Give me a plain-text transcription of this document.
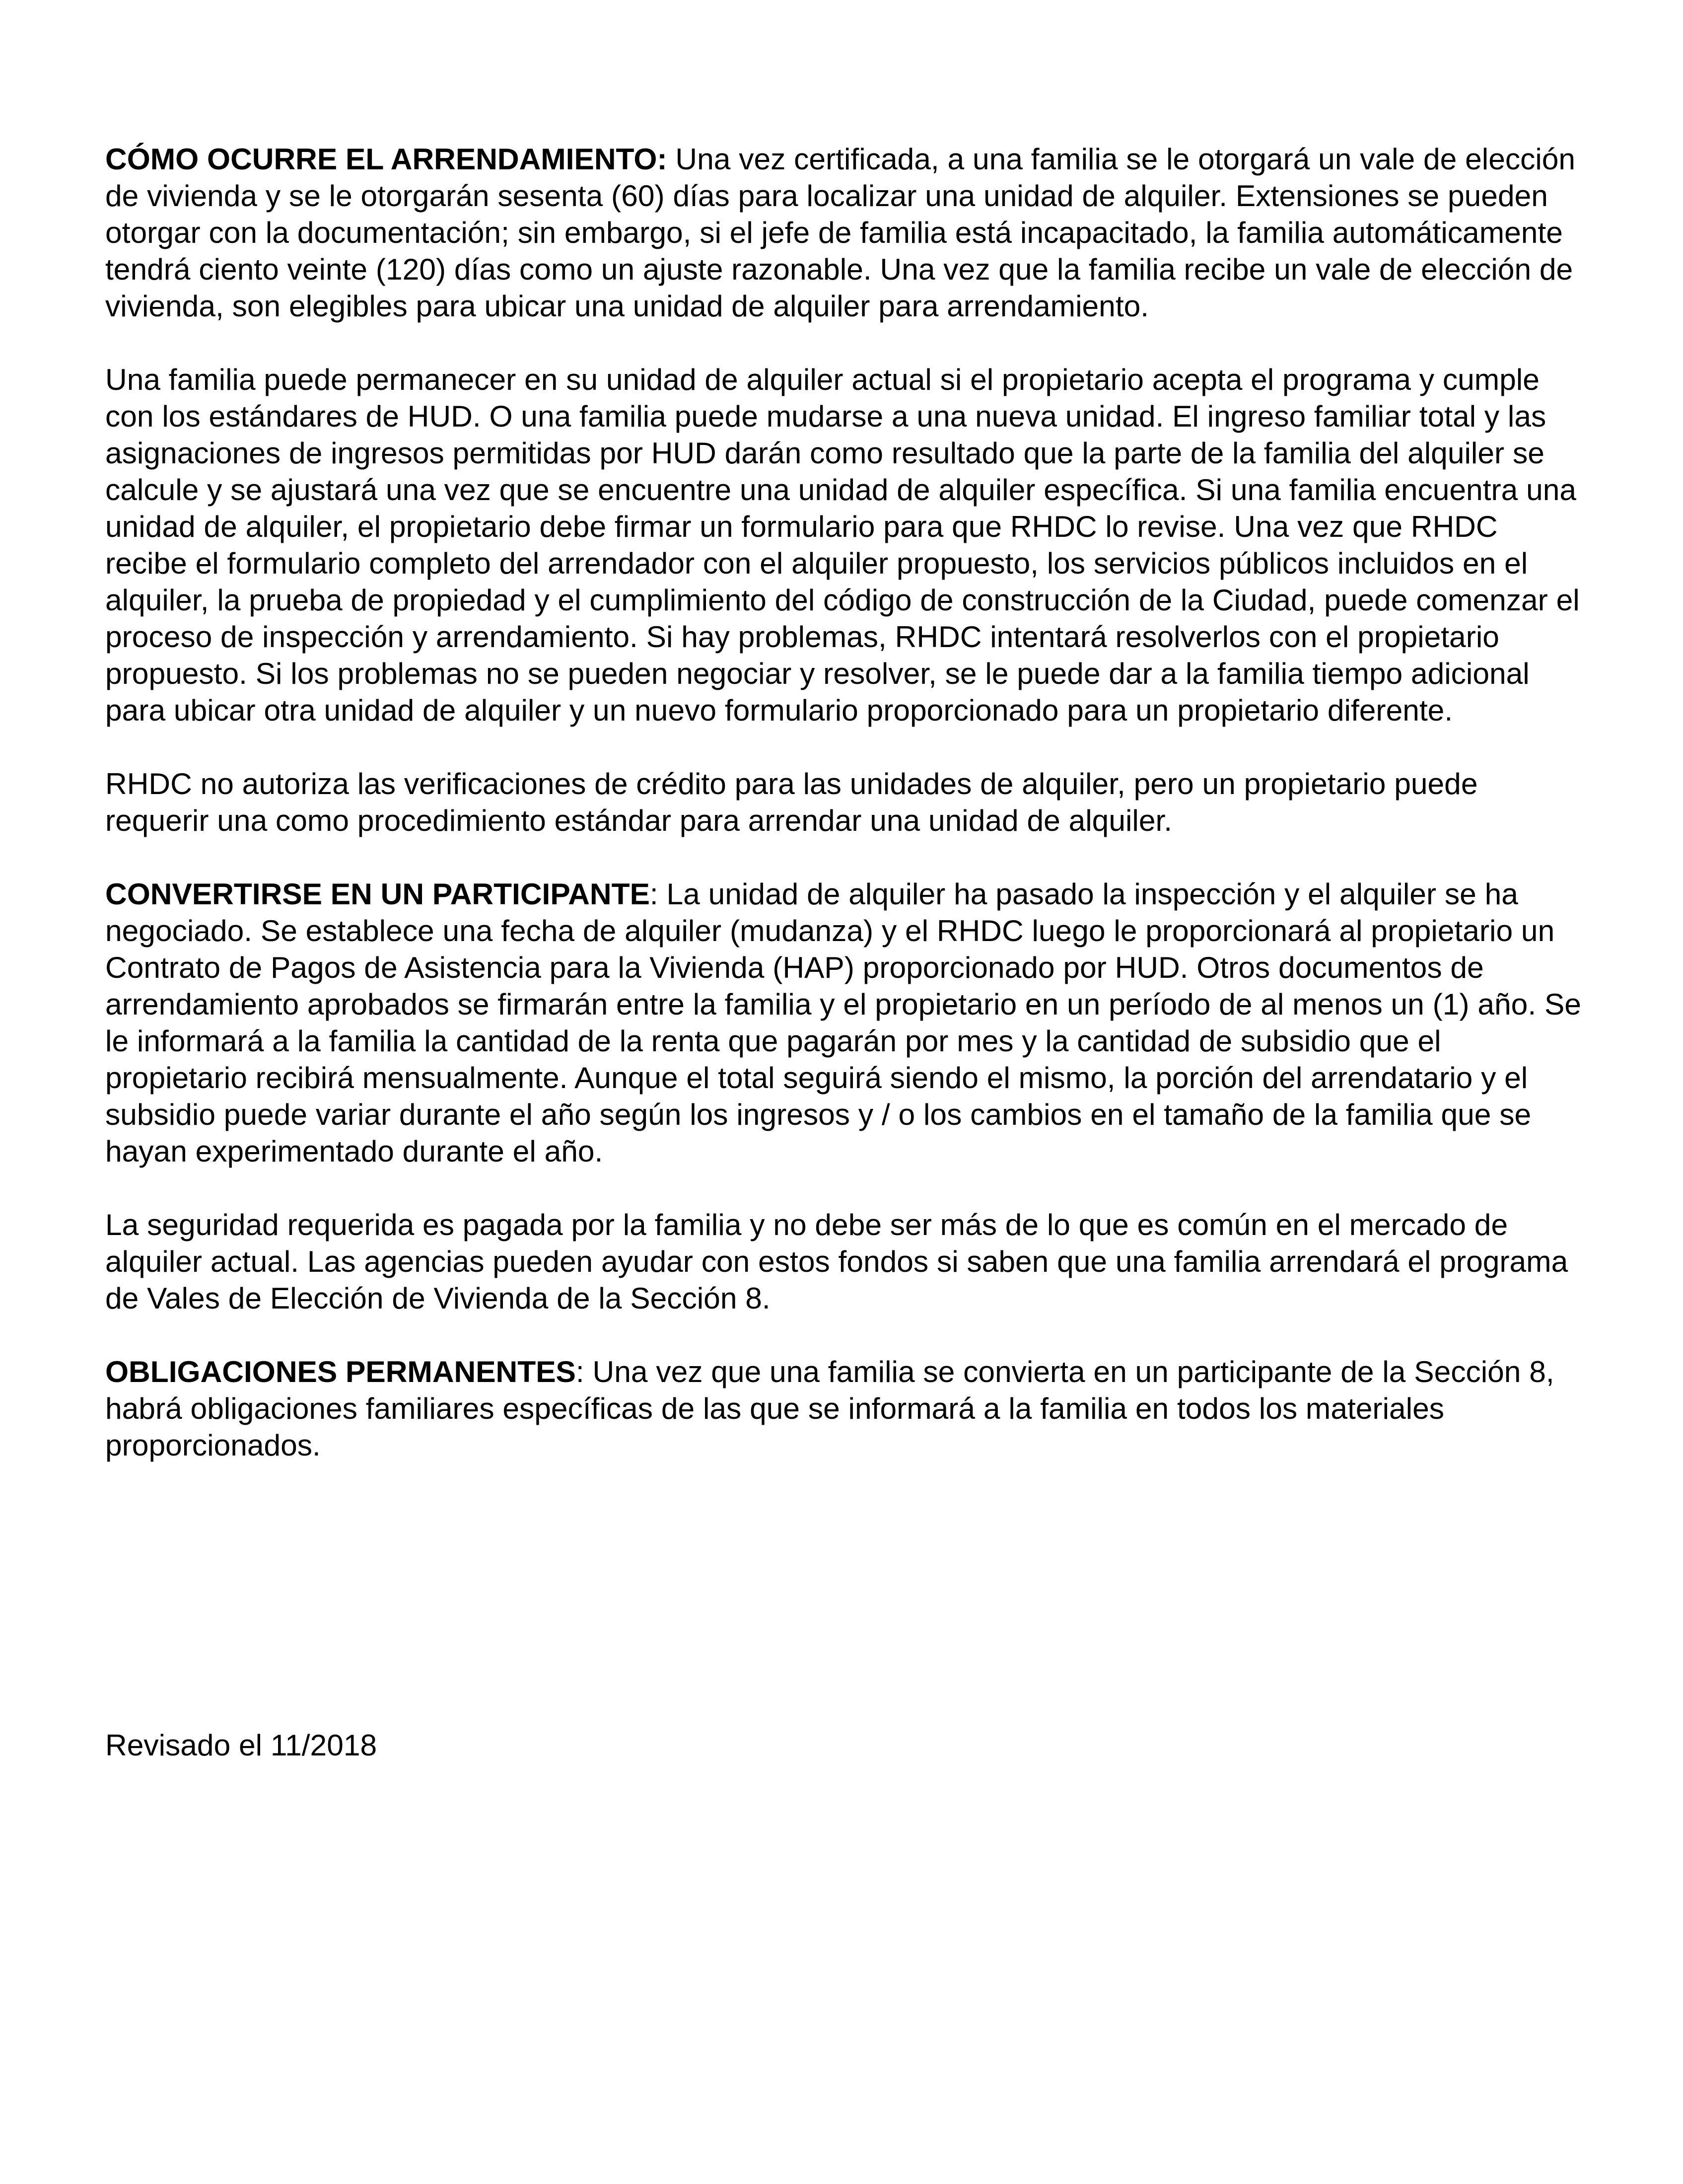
CÓMO OCURRE EL ARRENDAMIENTO: Una vez certificada, a una familia se le otorgará un vale de elección de vivienda y se le otorgarán sesenta (60) días para localizar una unidad de alquiler. Extensiones se pueden otorgar con la documentación; sin embargo, si el jefe de familia está incapacitado, la familia automáticamente tendrá ciento veinte (120) días como un ajuste razonable. Una vez que la familia recibe un vale de elección de vivienda, son elegibles para ubicar una unidad de alquiler para arrendamiento.

Una familia puede permanecer en su unidad de alquiler actual si el propietario acepta el programa y cumple con los estándares de HUD. O una familia puede mudarse a una nueva unidad. El ingreso familiar total y las asignaciones de ingresos permitidas por HUD darán como resultado que la parte de la familia del alquiler se calcule y se ajustará una vez que se encuentre una unidad de alquiler específica. Si una familia encuentra una unidad de alquiler, el propietario debe firmar un formulario para que RHDC lo revise. Una vez que RHDC recibe el formulario completo del arrendador con el alquiler propuesto, los servicios públicos incluidos en el alquiler, la prueba de propiedad y el cumplimiento del código de construcción de la Ciudad, puede comenzar el proceso de inspección y arrendamiento. Si hay problemas, RHDC intentará resolverlos con el propietario propuesto. Si los problemas no se pueden negociar y resolver, se le puede dar a la familia tiempo adicional para ubicar otra unidad de alquiler y un nuevo formulario proporcionado para un propietario diferente.

RHDC no autoriza las verificaciones de crédito para las unidades de alquiler, pero un propietario puede requerir una como procedimiento estándar para arrendar una unidad de alquiler.

CONVERTIRSE EN UN PARTICIPANTE: La unidad de alquiler ha pasado la inspección y el alquiler se ha negociado. Se establece una fecha de alquiler (mudanza) y el RHDC luego le proporcionará al propietario un Contrato de Pagos de Asistencia para la Vivienda (HAP) proporcionado por HUD. Otros documentos de arrendamiento aprobados se firmarán entre la familia y el propietario en un período de al menos un (1) año. Se le informará a la familia la cantidad de la renta que pagarán por mes y la cantidad de subsidio que el propietario recibirá mensualmente. Aunque el total seguirá siendo el mismo, la porción del arrendatario y el subsidio puede variar durante el año según los ingresos y / o los cambios en el tamaño de la familia que se hayan experimentado durante el año.

La seguridad requerida es pagada por la familia y no debe ser más de lo que es común en el mercado de alquiler actual. Las agencias pueden ayudar con estos fondos si saben que una familia arrendará el programa de Vales de Elección de Vivienda de la Sección 8.

OBLIGACIONES PERMANENTES: Una vez que una familia se convierta en un participante de la Sección 8, habrá obligaciones familiares específicas de las que se informará a la familia en todos los materiales proporcionados.

Revisado el 11/2018
